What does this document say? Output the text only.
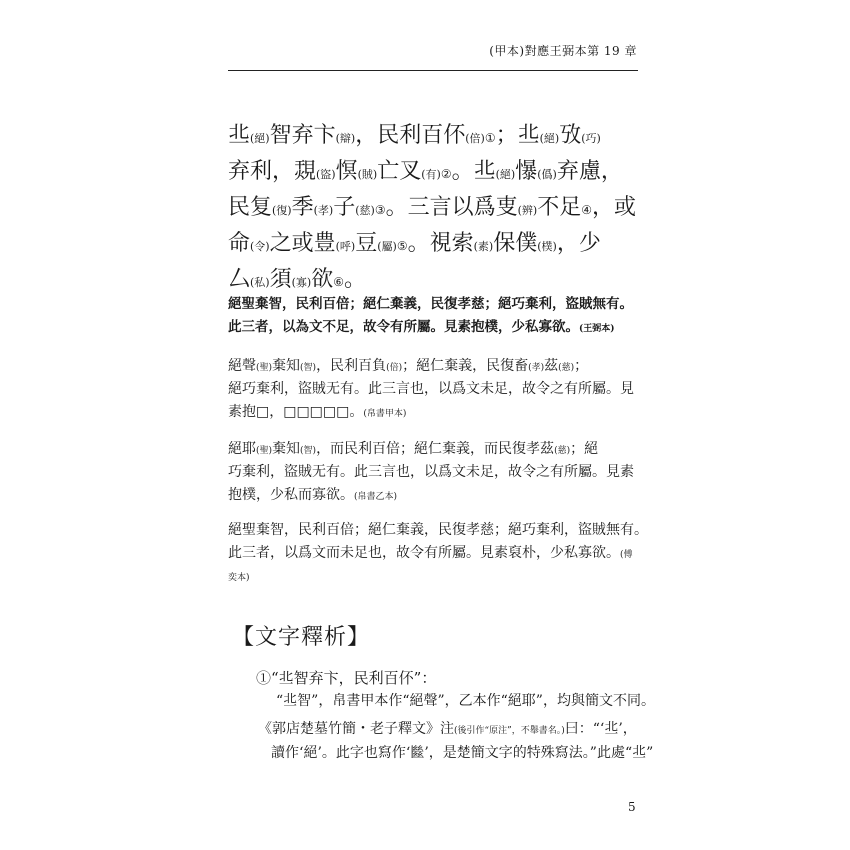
(甲本)對應王弼本第 19 章
丠(絕)智弃卞(辯)，民利百伓(倍)①；丠(絕)攷(巧)
弃利，覝(盜)慏(賊)亡叉(有)②。丠(絕)懪(僞)弃慮，
民复(復)季(孝)子(慈)③。三言以爲叓(辨)不足④，或
命(令)之或豊(呼)豆(屬)⑤。視索(素)保僕(樸)，少
厶(私)須(寡)欲⑥。
絕聖棄智，民利百倍；絕仁棄義，民復孝慈；絕巧棄利，盜賊無有。
此三者，以為文不足，故令有所屬。見素抱樸，少私寡欲。(王弼本)
絕聲(聖)棄知(智)，民利百負(倍)；絕仁棄義，民復畜(孝)茲(慈)；
絕巧棄利，盜賊无有。此三言也，以爲文未足，故令之有所屬。見
素抱□，□□□□□。(帛書甲本)
絕耶(聖)棄知(智)，而民利百倍；絕仁棄義，而民復孝茲(慈)；絕
巧棄利，盜賊无有。此三言也，以爲文未足，故令之有所屬。見素
抱樸，少私而寡欲。(帛書乙本)
絕聖棄智，民利百倍；絕仁棄義，民復孝慈；絕巧棄利，盜賊無有。
此三者，以爲文而未足也，故令有所屬。見素裒朴，少私寡欲。(傅
奕本)
【文字釋析】
①“丠智弃卞，民利百伓”：
“丠智”，帛書甲本作“絕聲”，乙本作“絕耶”，均與簡文不同。
《郭店楚墓竹簡・老子釋文》注(後引作“原注”，不舉書名。)曰：“‘丠’，
讀作‘絕’。此字也寫作‘㡭’，是楚簡文字的特殊寫法。”此處“丠”
5
